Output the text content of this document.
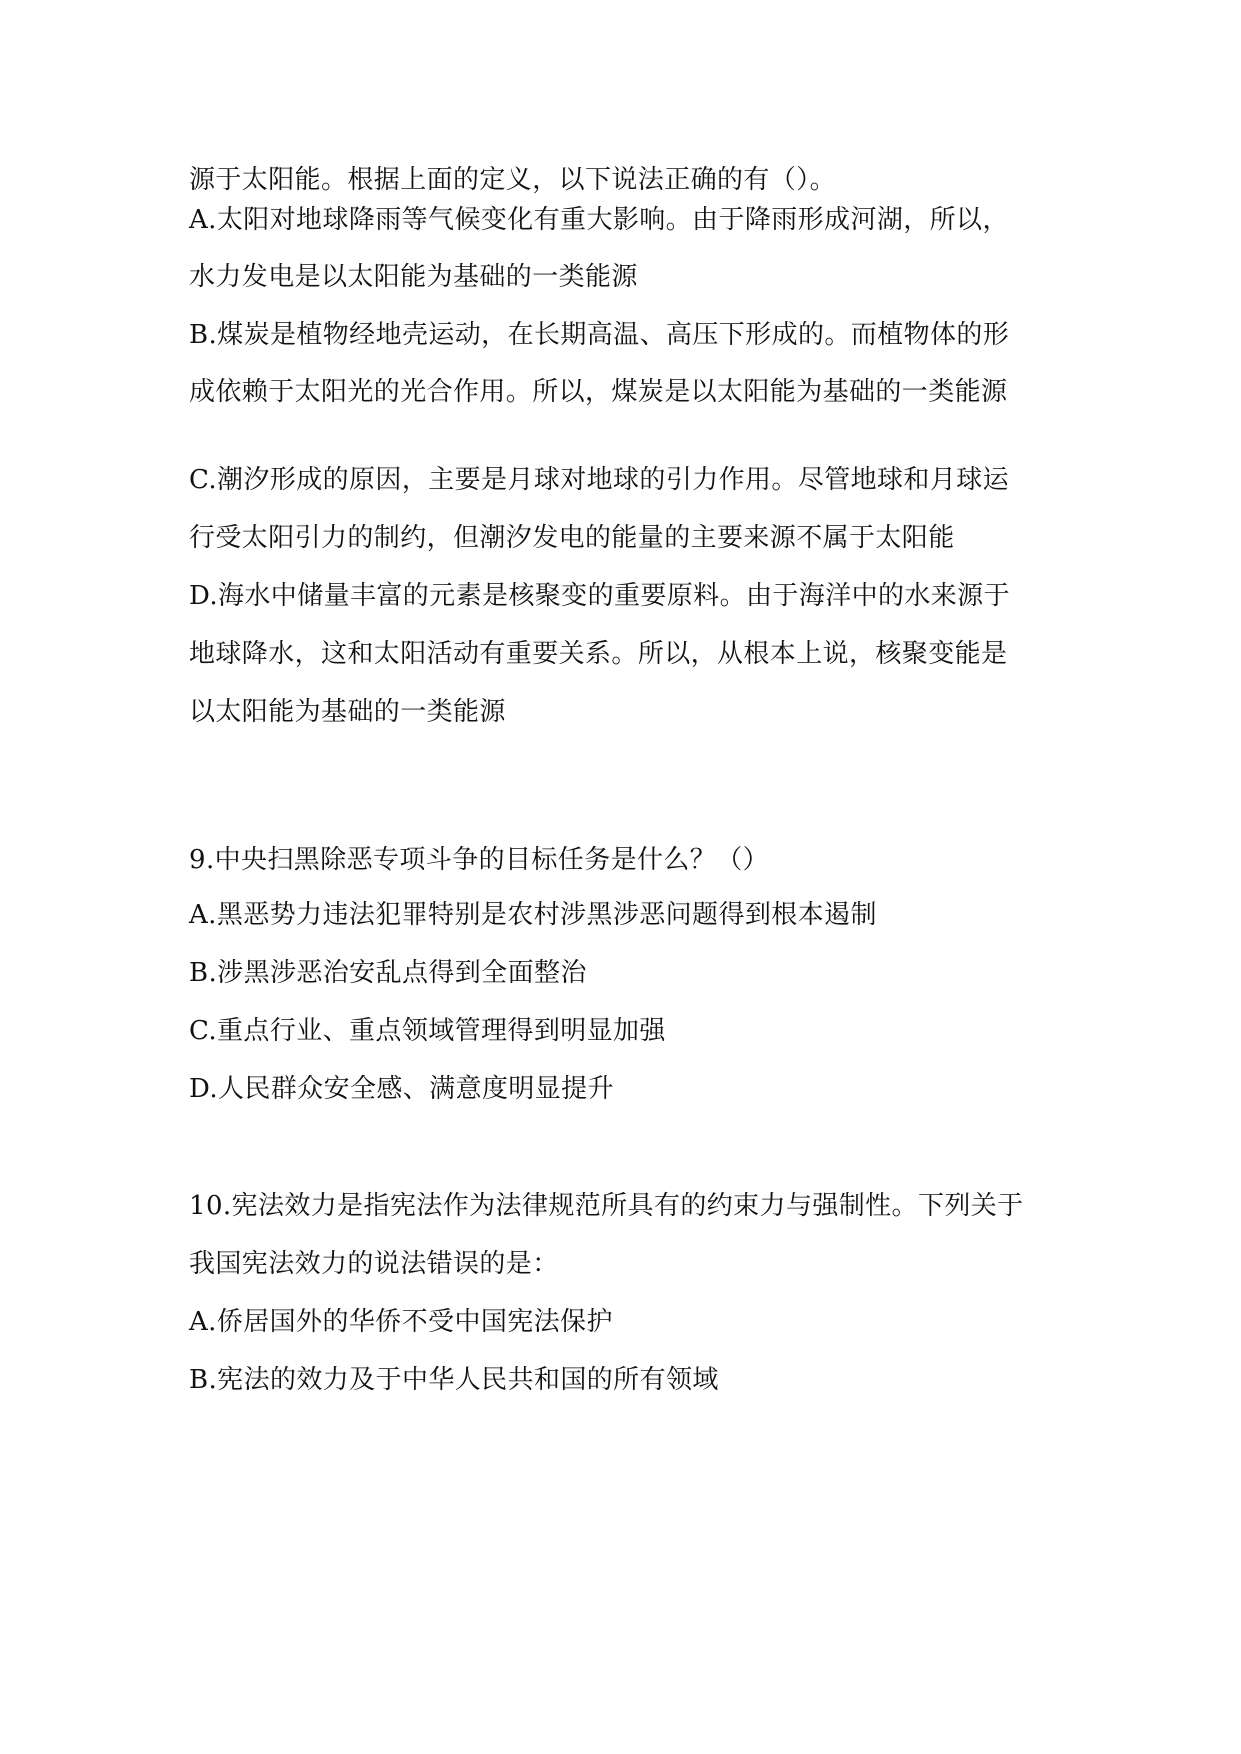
源于太阳能。根据上面的定义，以下说法正确的有（）。
A.太阳对地球降雨等气候变化有重大影响。由于降雨形成河湖，所以，
水力发电是以太阳能为基础的一类能源
B.煤炭是植物经地壳运动，在长期高温、高压下形成的。而植物体的形
成依赖于太阳光的光合作用。所以，煤炭是以太阳能为基础的一类能源
C.潮汐形成的原因，主要是月球对地球的引力作用。尽管地球和月球运
行受太阳引力的制约，但潮汐发电的能量的主要来源不属于太阳能
D.海水中储量丰富的元素是核聚变的重要原料。由于海洋中的水来源于
地球降水，这和太阳活动有重要关系。所以，从根本上说，核聚变能是
以太阳能为基础的一类能源
9.中央扫黑除恶专项斗争的目标任务是什么？（）
A.黑恶势力违法犯罪特别是农村涉黑涉恶问题得到根本遏制
B.涉黑涉恶治安乱点得到全面整治
C.重点行业、重点领域管理得到明显加强
D.人民群众安全感、满意度明显提升
10.宪法效力是指宪法作为法律规范所具有的约束力与强制性。下列关于
我国宪法效力的说法错误的是：
A.侨居国外的华侨不受中国宪法保护
B.宪法的效力及于中华人民共和国的所有领域
